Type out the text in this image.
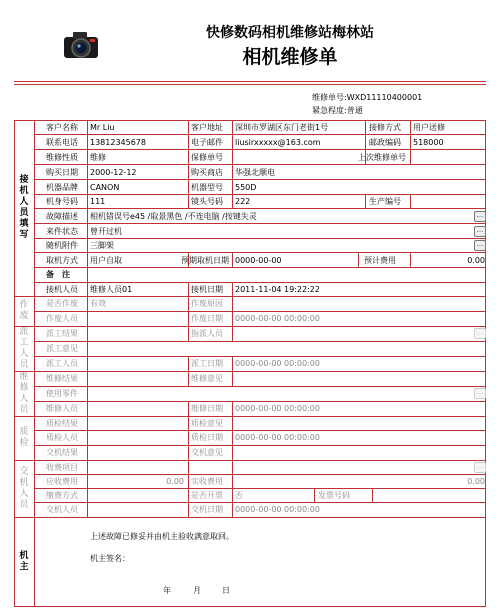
快修数码相机维修站梅林站
相机维修单
维修单号:WXD11110400001
紧急程度:普通
接机人员填写
作废
派工人员
维修人员
质检
交机人员
机主
客户名称 Mr Liu	客户地址 深圳市罗湖区东门老街1号	接修方式 用户送修
联系电话 13812345678	电子邮件 liusirxxxxx@163.com	邮政编码 518000
维修性质 维修	保修单号	上次维修单号
购买日期 2000-12-12	购买商店 华强北顺电
机器品牌 CANON	机器型号 550D
机身号码 111	镜头号码 222	生产编号
故障描述 相机错误号e45 /取景黑色 /不连电脑 /按键失灵	...
来件状态 曾开过机	...
随机附件 三脚架	...
取机方式 用户自取	预期取机日期 0000-00-00	预计费用	0.00
备　注
接机人员 维修人员01	接机日期 2011-11-04 19:22:22
是否作废 有效	作废原因
作废人员	作废日期 0000-00-00 00:00:00
派工结果	指派人员	...
派工意见
派工人员	派工日期 0000-00-00 00:00:00
维修结果	维修意见
使用零件	...
维修人员	维修日期 0000-00-00 00:00:00
质检结果	质检意见
质检人员	质检日期 0000-00-00 00:00:00
交机结果	交机意见
收费项目	...
应收费用	0.00 实收费用	0.00
缴费方式	是否开票 否	发票号码
交机人员	交机日期 0000-00-00 00:00:00
上述故障已修妥并由机主验收满意取回。
机主签名：
年	月	日
